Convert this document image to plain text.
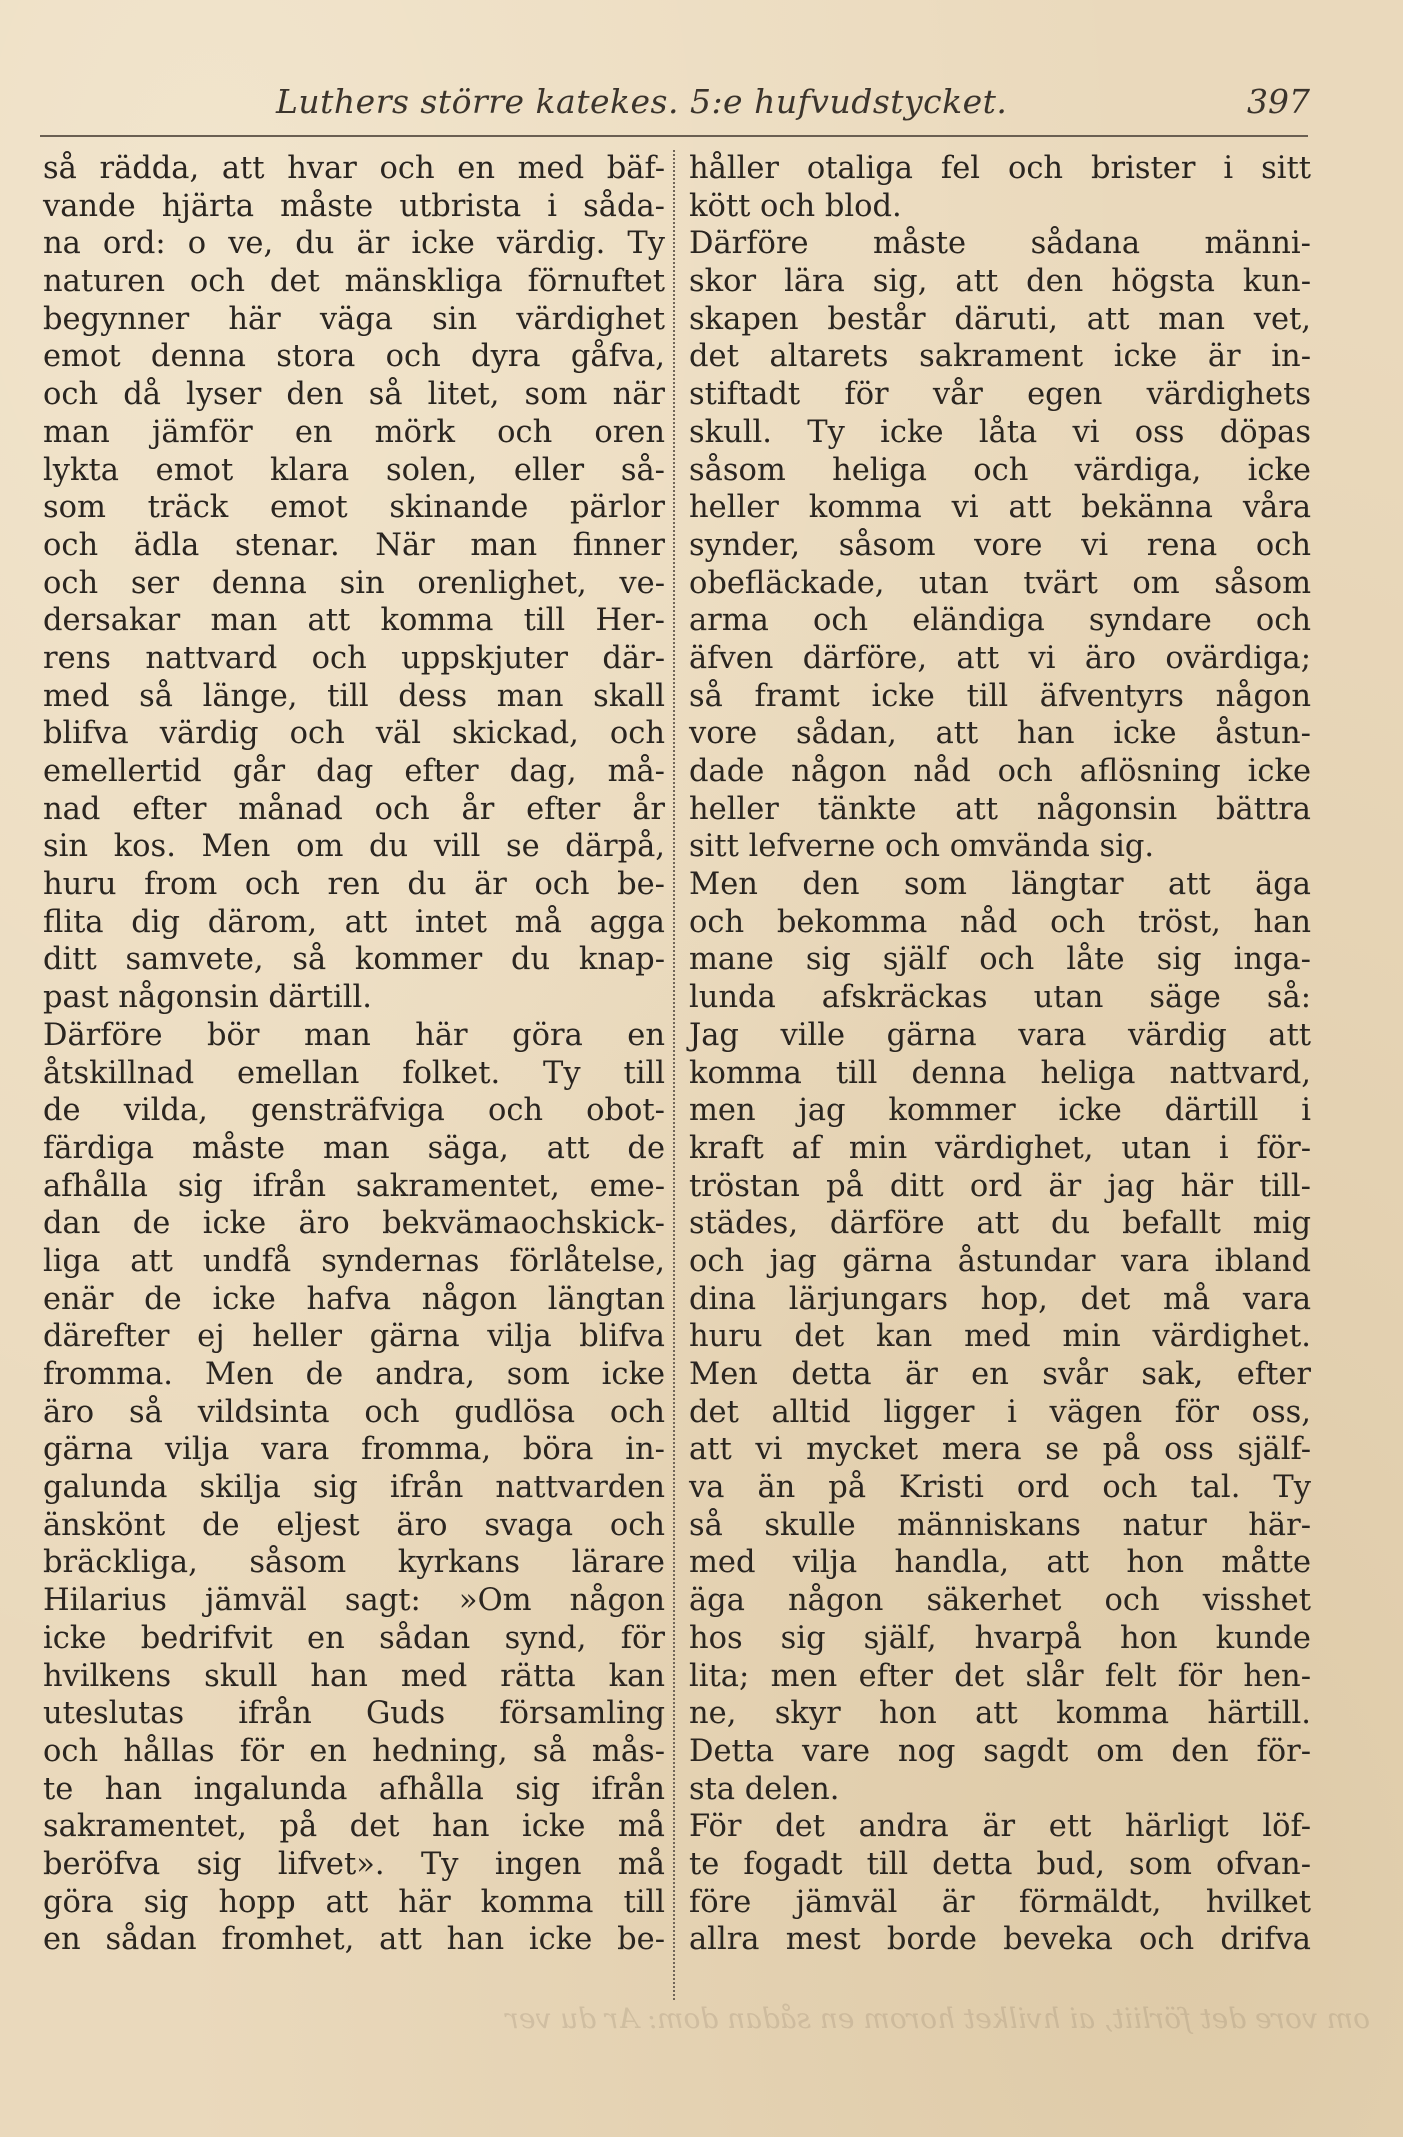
Luthers större katekes. 5:e hufvudstycket.	397
så rädda, att hvar och en med bäf-
vande hjärta måste utbrista i såda-
na ord: o ve, du är icke värdig. Ty
naturen och det mänskliga förnuftet
begynner här väga sin värdighet
emot denna stora och dyra gåfva,
och då lyser den så litet, som när
man jämför en mörk och oren
lykta emot klara solen, eller så-
som träck emot skinande pärlor
och ädla stenar. När man finner
och ser denna sin orenlighet, ve-
dersakar man att komma till Her-
rens nattvard och uppskjuter där-
med så länge, till dess man skall
blifva värdig och väl skickad, och
emellertid går dag efter dag, må-
nad efter månad och år efter år
sin kos. Men om du vill se därpå,
huru from och ren du är och be-
flita dig därom, att intet må agga
ditt samvete, så kommer du knap-
past någonsin därtill.
Därföre bör man här göra en
åtskillnad emellan folket. Ty till
de vilda, gensträfviga och obot-
färdiga måste man säga, att de
afhålla sig ifrån sakramentet, eme-
dan de icke äro bekvämaochskick-
liga att undfå syndernas förlåtelse,
enär de icke hafva någon längtan
därefter ej heller gärna vilja blifva
fromma. Men de andra, som icke
äro så vildsinta och gudlösa och
gärna vilja vara fromma, böra in-
galunda skilja sig ifrån nattvarden
änskönt de eljest äro svaga och
bräckliga, såsom kyrkans lärare
Hilarius jämväl sagt: »Om någon
icke bedrifvit en sådan synd, för
hvilkens skull han med rätta kan
uteslutas ifrån Guds församling
och hållas för en hedning, så mås-
te han ingalunda afhålla sig ifrån
sakramentet, på det han icke må
beröfva sig lifvet». Ty ingen må
göra sig hopp att här komma till
en sådan fromhet, att han icke be-
håller otaliga fel och brister i sitt
kött och blod.
Därföre måste sådana männi-
skor lära sig, att den högsta kun-
skapen består däruti, att man vet,
det altarets sakrament icke är in-
stiftadt för vår egen värdighets
skull. Ty icke låta vi oss döpas
såsom heliga och värdiga, icke
heller komma vi att bekänna våra
synder, såsom vore vi rena och
obefläckade, utan tvärt om såsom
arma och eländiga syndare och
äfven därföre, att vi äro ovärdiga;
så framt icke till äfventyrs någon
vore sådan, att han icke åstun-
dade någon nåd och aflösning icke
heller tänkte att någonsin bättra
sitt lefverne och omvända sig.
Men den som längtar att äga
och bekomma nåd och tröst, han
mane sig själf och låte sig inga-
lunda afskräckas utan säge så:
Jag ville gärna vara värdig att
komma till denna heliga nattvard,
men jag kommer icke därtill i
kraft af min värdighet, utan i för-
tröstan på ditt ord är jag här till-
städes, därföre att du befallt mig
och jag gärna åstundar vara ibland
dina lärjungars hop, det må vara
huru det kan med min värdighet.
Men detta är en svår sak, efter
det alltid ligger i vägen för oss,
att vi mycket mera se på oss själf-
va än på Kristi ord och tal. Ty
så skulle människans natur här-
med vilja handla, att hon måtte
äga någon säkerhet och visshet
hos sig själf, hvarpå hon kunde
lita; men efter det slår felt för hen-
ne, skyr hon att komma härtill.
Detta vare nog sagdt om den för-
sta delen.
För det andra är ett härligt löf-
te fogadt till detta bud, som ofvan-
före jämväl är förmäldt, hvilket
allra mest borde beveka och drifva
om vore det förliit, ai hvilket horom en sådan dom: Ar du ver
